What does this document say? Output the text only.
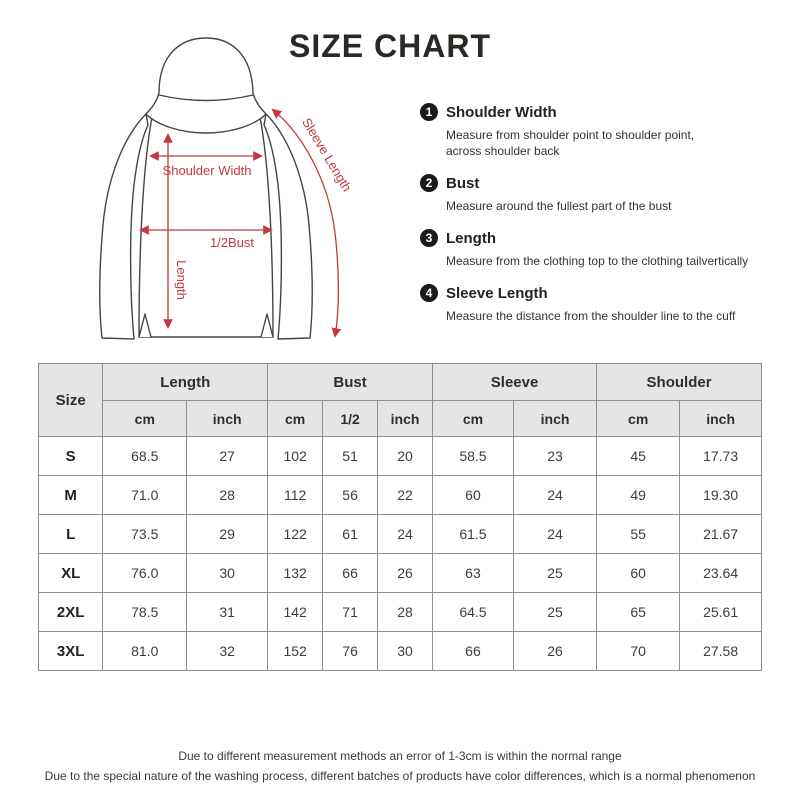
SIZE CHART
Shoulder Width
1/2Bust
Length
Sleeve Length
1 Shoulder Width
Measure from shoulder point to shoulder point,
across shoulder back
2 Bust
Measure around the fullest part of the bust
3 Length
Measure from the clothing top to the clothing tailvertically
4 Sleeve Length
Measure the distance from the shoulder line to the cuff
Size	Length		Bust			Sleeve		Shoulder	
	cm	inch	cm	1/2	inch	cm	inch	cm	inch
S	68.5	27	102	51	20	58.5	23	45	17.73
M	71.0	28	112	56	22	60	24	49	19.30
L	73.5	29	122	61	24	61.5	24	55	21.67
XL	76.0	30	132	66	26	63	25	60	23.64
2XL	78.5	31	142	71	28	64.5	25	65	25.61
3XL	81.0	32	152	76	30	66	26	70	27.58
Due to different measurement methods an error of 1-3cm is within the normal range
Due to the special nature of the washing process, different batches of products have color differences, which is a normal phenomenon
